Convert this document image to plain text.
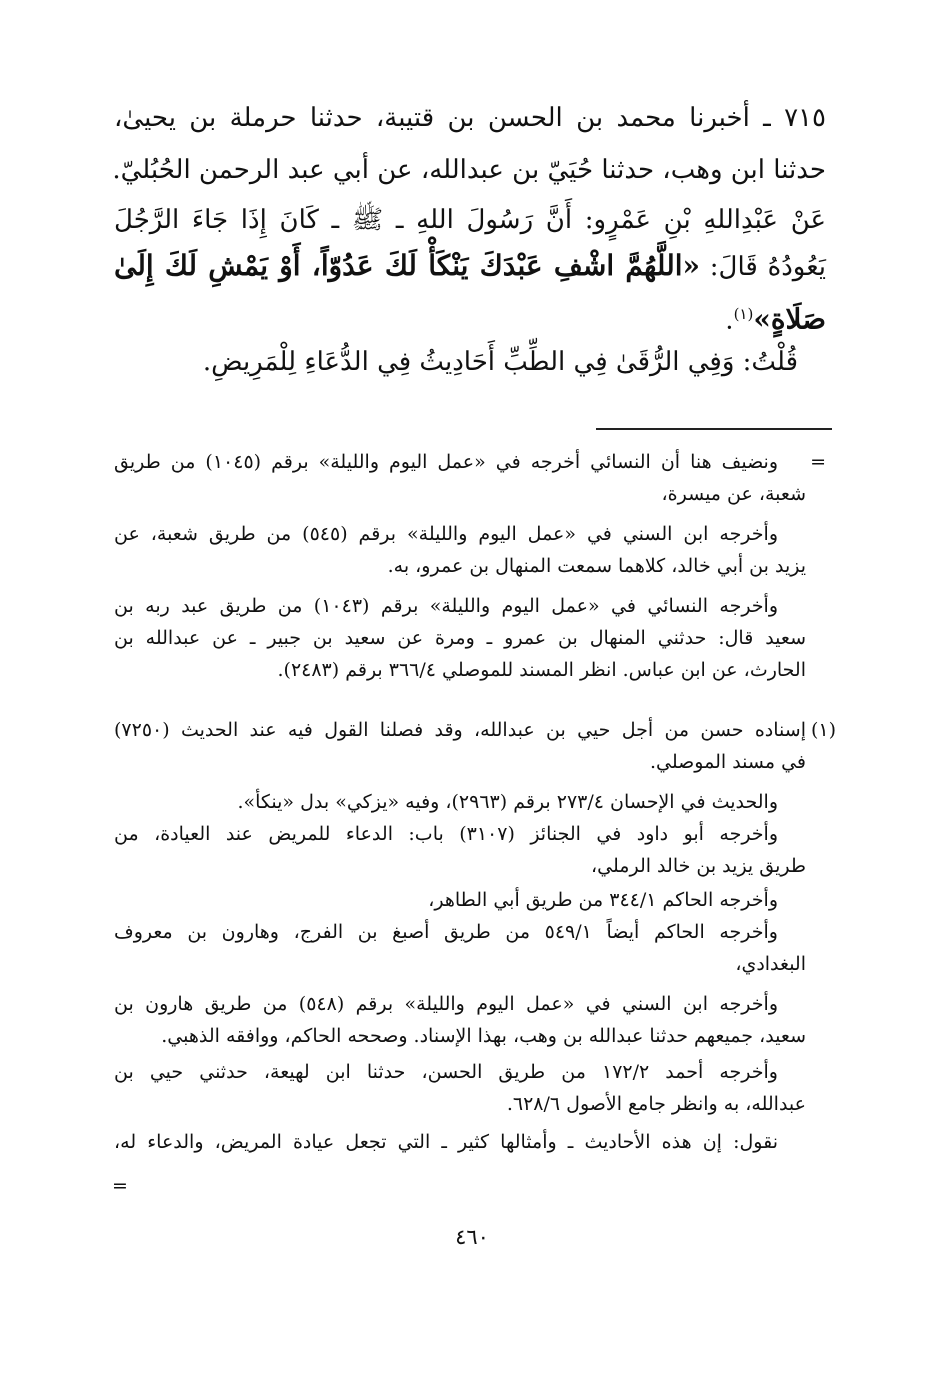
٧١٥ ـ أخبرنا محمد بن الحسن بن قتيبة، حدثنا حرملة بن يحيىٰ،
حدثنا ابن وهب، حدثنا حُيَيّ بن عبدالله، عن أبي عبد الرحمن الحُبُليّ.
عَنْ عَبْدِاللهِ بْنِ عَمْرٍو: أَنَّ رَسُولَ اللهِ ـ ﷺ ـ كَانَ إِذَا جَاءَ الرَّجُلَ
يَعُودُهُ قَالَ: «اللَّهُمَّ اشْفِ عَبْدَكَ يَنْكَأْ لَكَ عَدُوّاً، أَوْ يَمْشِ لَكَ إِلَىٰ
صَلَاةٍ»$^{(١)}$.
قُلْتُ: وَفِي الرُّقَىٰ فِي الطِّبِّ أَحَادِيثُ فِي الدُّعَاءِ لِلْمَرِيضِ.
=
ونضيف هنا أن النسائي أخرجه في «عمل اليوم والليلة» برقم (١٠٤٥) من طريق
شعبة، عن ميسرة،
وأخرجه ابن السني في «عمل اليوم والليلة» برقم (٥٤٥) من طريق شعبة، عن
يزيد بن أبي خالد، كلاهما سمعت المنهال بن عمرو، به.
وأخرجه النسائي في «عمل اليوم والليلة» برقم (١٠٤٣) من طريق عبد ربه بن
سعيد قال: حدثني المنهال بن عمرو ـ ومرة عن سعيد بن جبير ـ عن عبدالله بن
الحارث، عن ابن عباس. انظر المسند للموصلي ٣٦٦/٤ برقم (٢٤٨٣).
(١)
إسناده حسن من أجل حيي بن عبدالله، وقد فصلنا القول فيه عند الحديث (٧٢٥٠)
في مسند الموصلي.
والحديث في الإحسان ٢٧٣/٤ برقم (٢٩٦٣)، وفيه «يزكي» بدل «ينكأ».
وأخرجه أبو داود في الجنائز (٣١٠٧) باب: الدعاء للمريض عند العيادة، من
طريق يزيد بن خالد الرملي،
وأخرجه الحاكم ٣٤٤/١ من طريق أبي الطاهر،
وأخرجه الحاكم أيضاً ٥٤٩/١ من طريق أصبغ بن الفرج، وهارون بن معروف
البغدادي،
وأخرجه ابن السني في «عمل اليوم والليلة» برقم (٥٤٨) من طريق هارون بن
سعيد، جميعهم حدثنا عبدالله بن وهب، بهذا الإسناد. وصححه الحاكم، ووافقه الذهبي.
وأخرجه أحمد ١٧٢/٢ من طريق الحسن، حدثنا ابن لهيعة، حدثني حيي بن
عبدالله، به وانظر جامع الأصول ٦٢٨/٦.
نقول: إن هذه الأحاديث ـ وأمثالها كثير ـ التي تجعل عيادة المريض، والدعاء له،
=
٤٦٠
